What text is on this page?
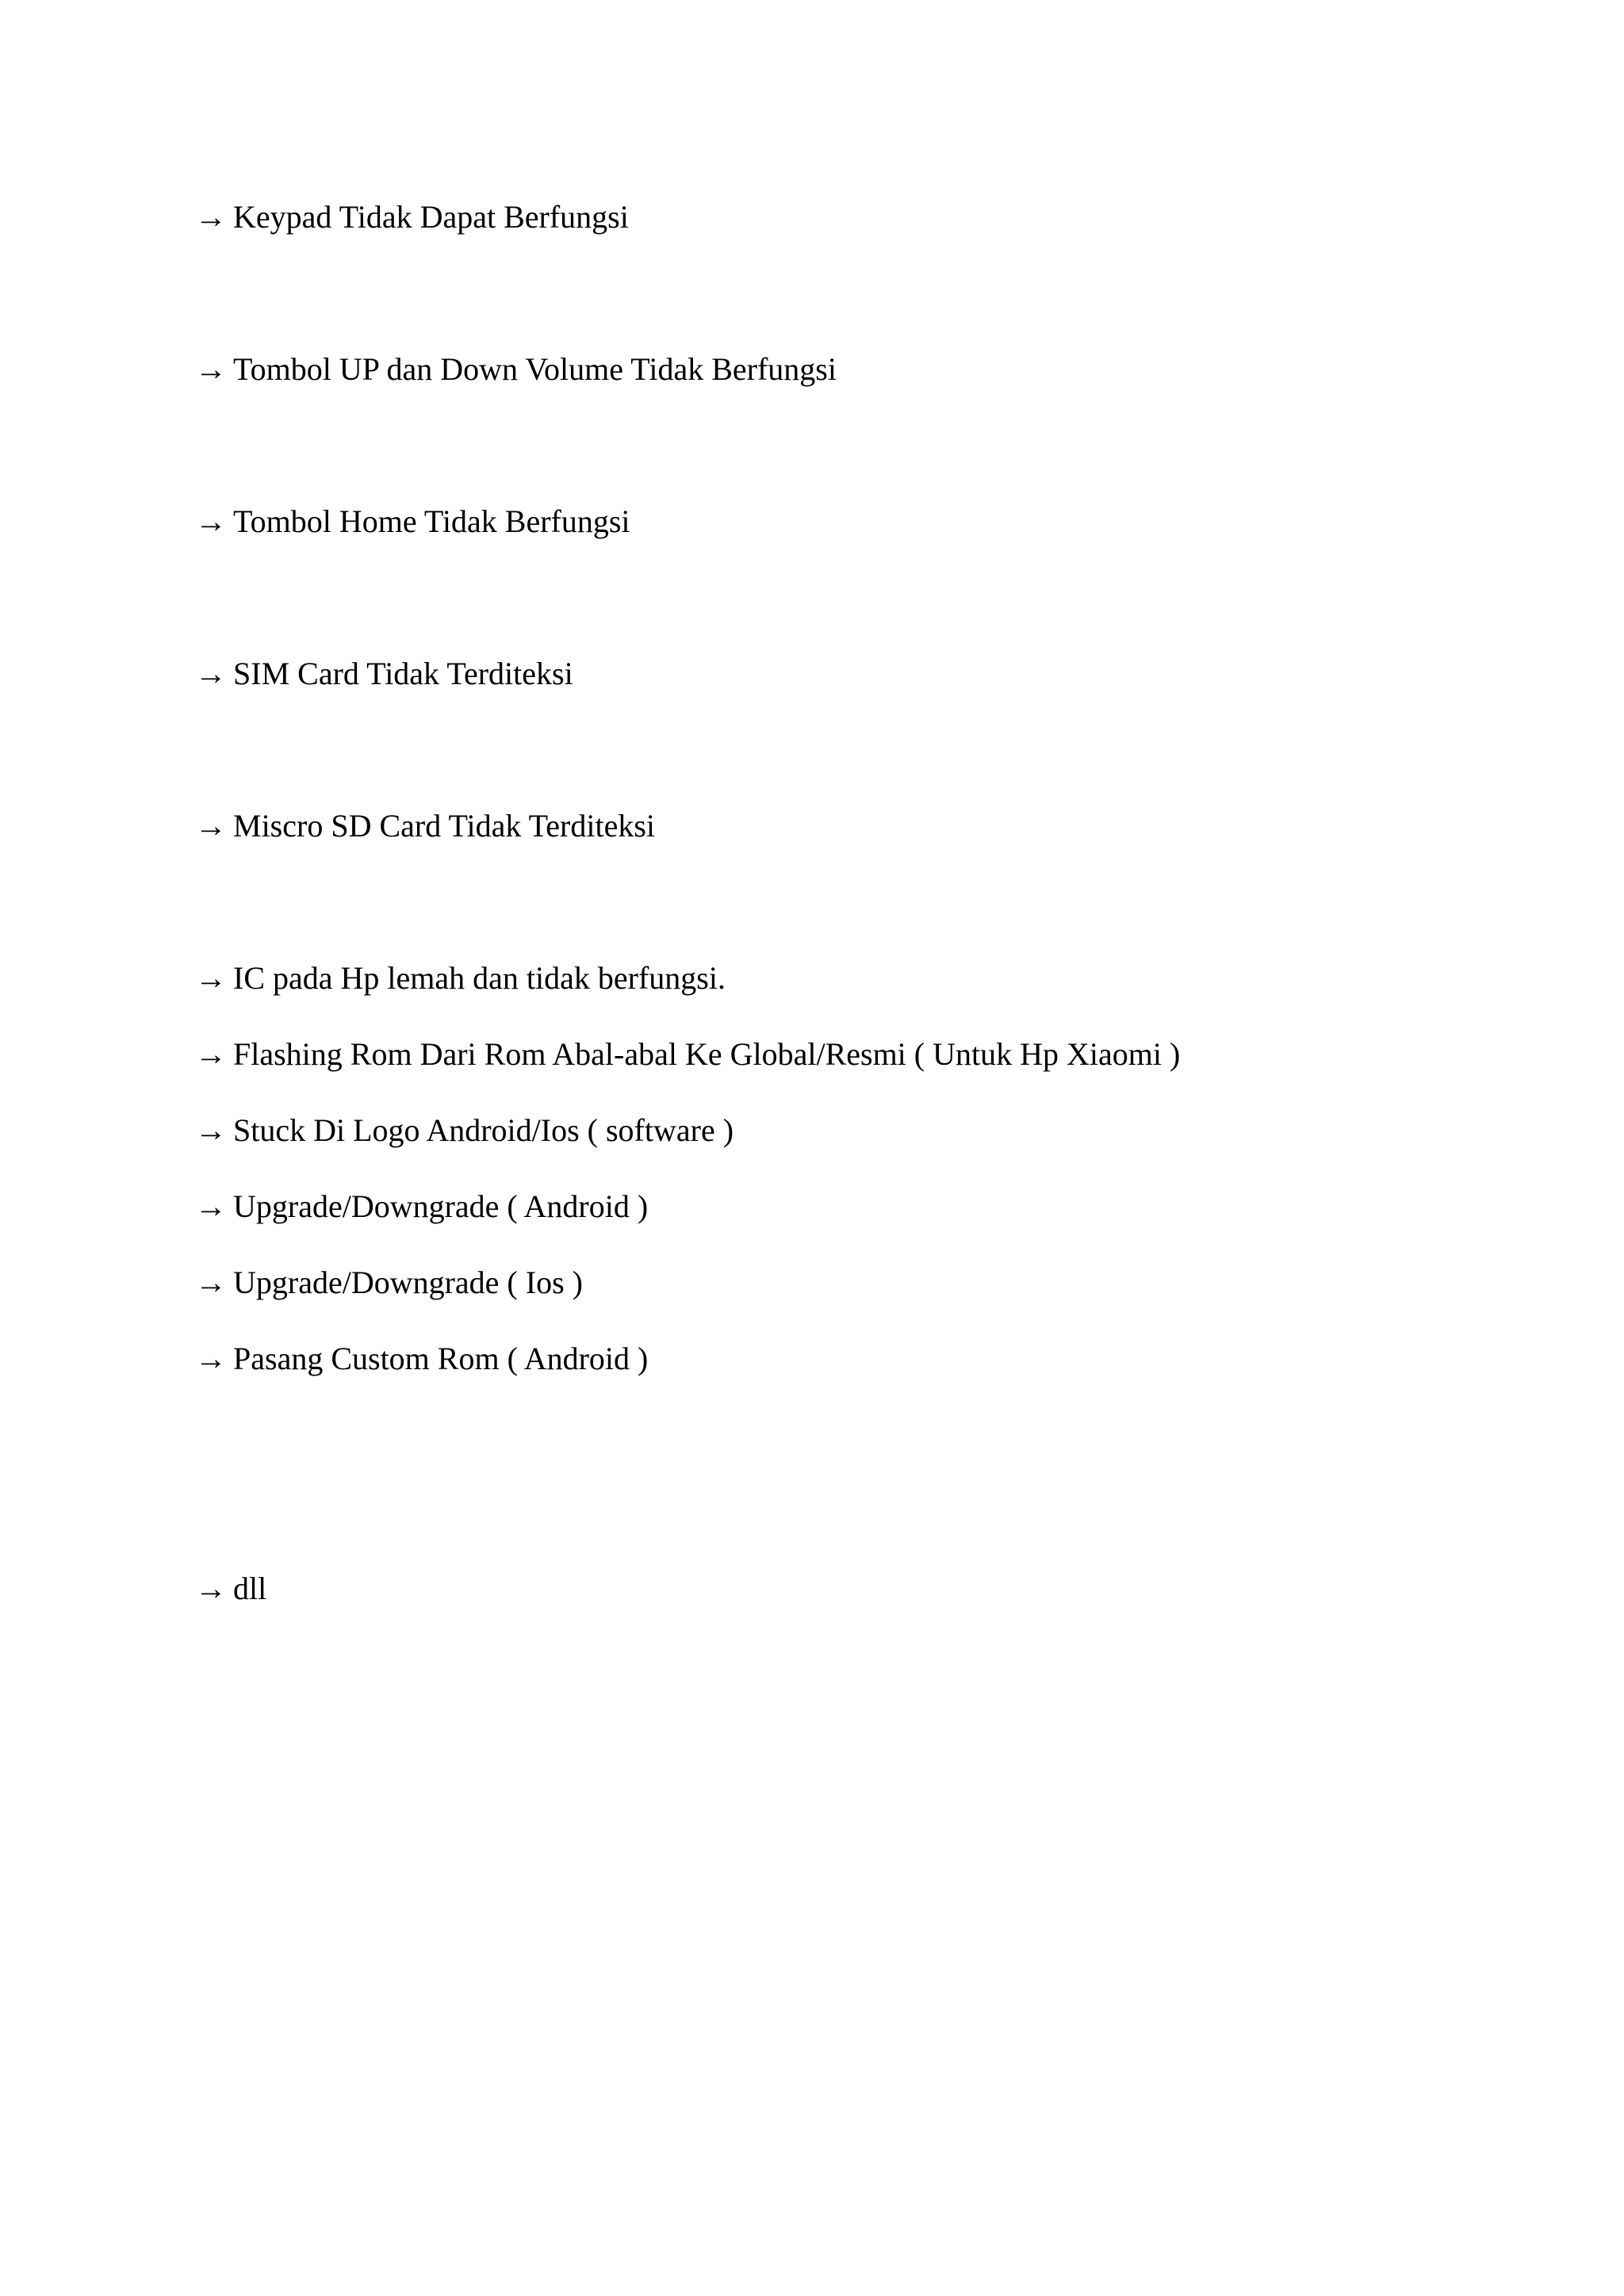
→ Keypad Tidak Dapat Berfungsi

→ Tombol UP dan Down Volume Tidak Berfungsi

→ Tombol Home Tidak Berfungsi

→ SIM Card Tidak Terditeksi

→ Miscro SD Card Tidak Terditeksi

→ IC pada Hp lemah dan tidak berfungsi.

→ Flashing Rom Dari Rom Abal-abal Ke Global/Resmi ( Untuk Hp Xiaomi )

→ Stuck Di Logo Android/Ios ( software )

→ Upgrade/Downgrade ( Android )

→ Upgrade/Downgrade ( Ios )

→ Pasang Custom Rom ( Android )

→ dll
